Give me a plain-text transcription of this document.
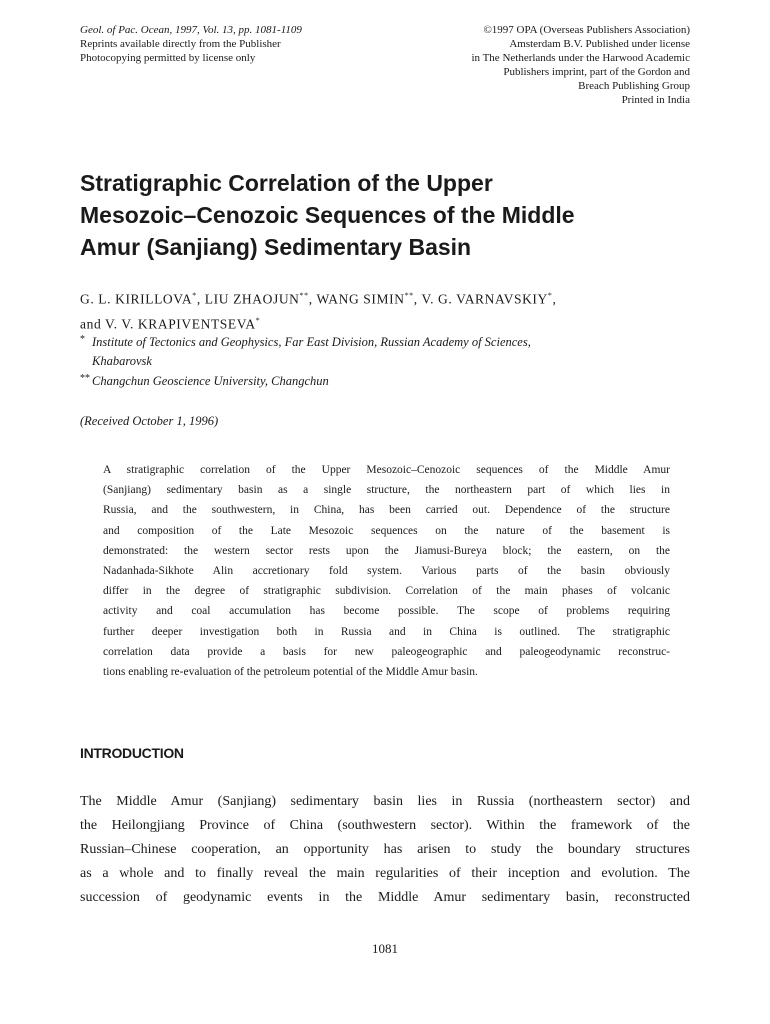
Geol. of Pac. Ocean, 1997, Vol. 13, pp. 1081-1109
Reprints available directly from the Publisher
Photocopying permitted by license only
©1997 OPA (Overseas Publishers Association)
Amsterdam B.V. Published under license
in The Netherlands under the Harwood Academic
Publishers imprint, part of the Gordon and
Breach Publishing Group
Printed in India
Stratigraphic Correlation of the Upper
Mesozoic–Cenozoic Sequences of the Middle
Amur (Sanjiang) Sedimentary Basin
G. L. KIRILLOVA*, LIU ZHAOJUN**, WANG SIMIN**, V. G. VARNAVSKIY*,
and V. V. KRAPIVENTSEVA*
* Institute of Tectonics and Geophysics, Far East Division, Russian Academy of Sciences,
Khabarovsk
** Changchun Geoscience University, Changchun
(Received October 1, 1996)
A stratigraphic correlation of the Upper Mesozoic–Cenozoic sequences of the Middle Amur
(Sanjiang) sedimentary basin as a single structure, the northeastern part of which lies in
Russia, and the southwestern, in China, has been carried out. Dependence of the structure
and composition of the Late Mesozoic sequences on the nature of the basement is
demonstrated: the western sector rests upon the Jiamusi-Bureya block; the eastern, on the
Nadanhada-Sikhote Alin accretionary fold system. Various parts of the basin obviously
differ in the degree of stratigraphic subdivision. Correlation of the main phases of volcanic
activity and coal accumulation has become possible. The scope of problems requiring
further deeper investigation both in Russia and in China is outlined. The stratigraphic
correlation data provide a basis for new paleogeographic and paleogeodynamic reconstruc-
tions enabling re-evaluation of the petroleum potential of the Middle Amur basin.
INTRODUCTION
The Middle Amur (Sanjiang) sedimentary basin lies in Russia (northeastern sector) and
the Heilongjiang Province of China (southwestern sector). Within the framework of the
Russian–Chinese cooperation, an opportunity has arisen to study the boundary structures
as a whole and to finally reveal the main regularities of their inception and evolution. The
succession of geodynamic events in the Middle Amur sedimentary basin, reconstructed
1081
